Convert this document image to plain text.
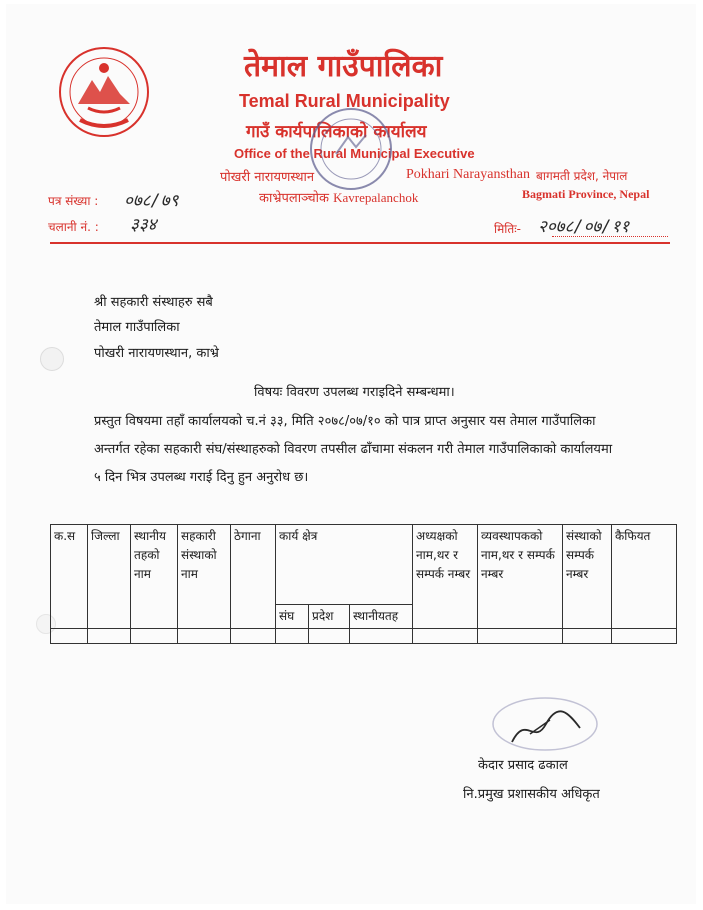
तेमाल गाउँपालिका
Temal Rural Municipality
गाउँ कार्यपालिकाको कार्यालय
Office of the Rural Municipal Executive
पोखरी नारायणस्थान	Pokhari Narayansthan
काभ्रेपलाञ्चोक Kavrepalanchok
बागमती प्रदेश, नेपाल
Bagmati Province, Nepal
पत्र संख्या : ०७८/७९
चलानी नं. : ३३४	मितिः- २०७८/०७/११
श्री सहकारी संस्थाहरु सबै
तेमाल गाउँपालिका
पोखरी नारायणस्थान, काभ्रे
विषयः विवरण उपलब्ध गराइदिने सम्बन्धमा।
प्रस्तुत विषयमा तहाँ कार्यालयको च.नं ३३, मिति २०७८/०७/१० को पात्र प्राप्त अनुसार यस तेमाल गाउँपालिका
अन्तर्गत रहेका सहकारी संघ/संस्थाहरुको विवरण तपसील ढाँचामा संकलन गरी तेमाल गाउँपालिकाको कार्यालयमा
५ दिन भित्र उपलब्ध गराई दिनु हुन अनुरोध छ।
क.स	जिल्ला	स्थानीय तहको नाम	सहकारी संस्थाको नाम	ठेगाना	कार्य क्षेत्र			अध्यक्षको नाम,थर र सम्पर्क नम्बर	व्यवस्थापकको नाम,थर र सम्पर्क नम्बर	संस्थाको सम्पर्क नम्बर	कैफियत
					संघ	प्रदेश	स्थानीयतह				

केदार प्रसाद ढकाल
नि.प्रमुख प्रशासकीय अधिकृत
